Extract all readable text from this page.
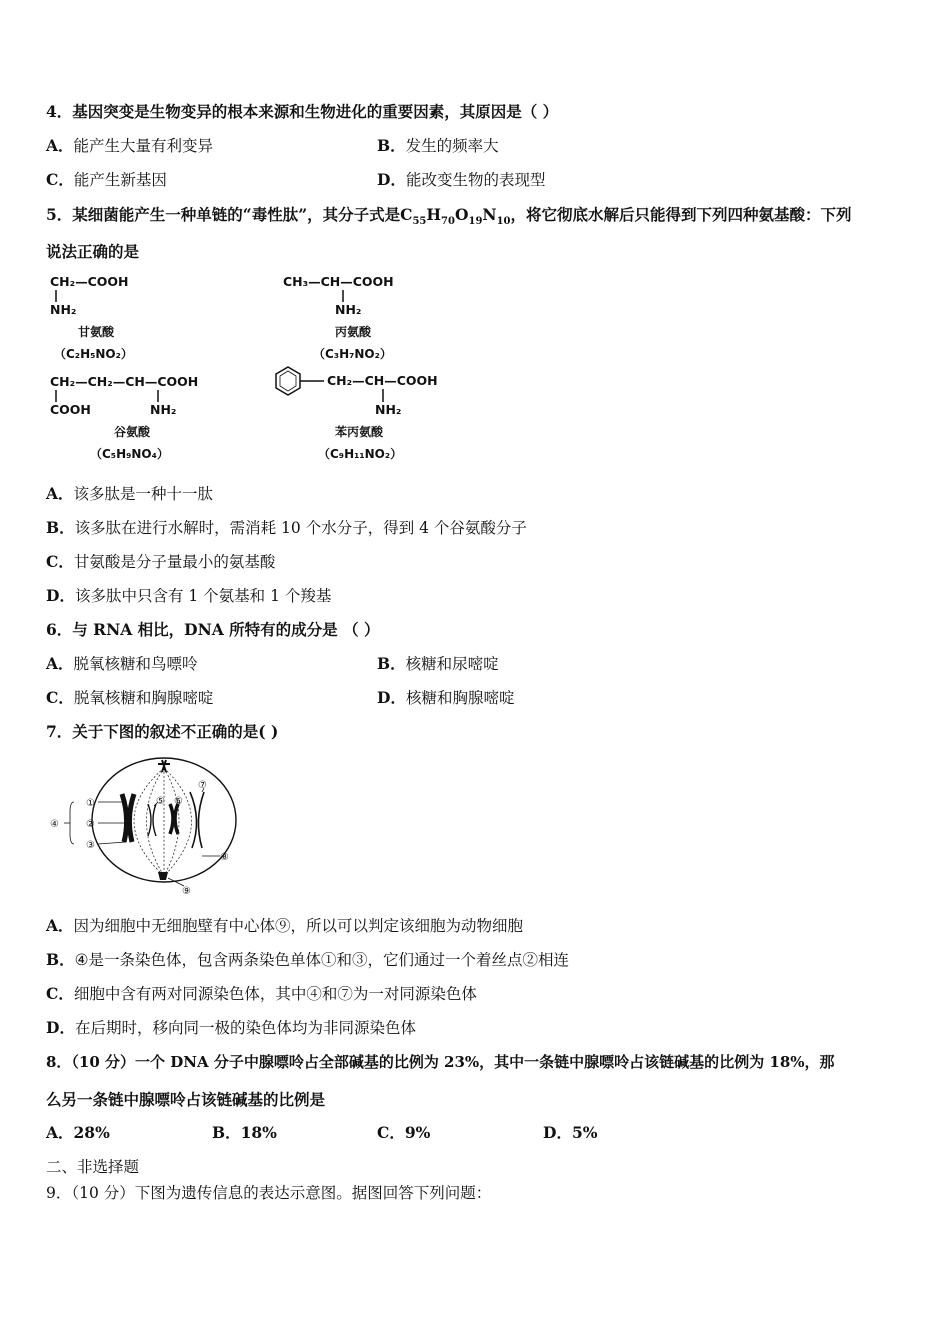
4．基因突变是生物变异的根本来源和生物进化的重要因素，其原因是（ ）
A．能产生大量有利变异	B．发生的频率大
C．能产生新基因	D．能改变生物的表现型
5．某细菌能产生一种单链的“毒性肽”，其分子式是$C_{55}H_{70}O_{19}N_{10}$，将它彻底水解后只能得到下列四种氨基酸：下列
说法正确的是
CH₂—COOH
NH₂
甘氨酸
（C₂H₅NO₂）
CH₃—CH—COOH
NH₂
丙氨酸
（C₃H₇NO₂）
CH₂—CH₂—CH—COOH
COOH	NH₂
谷氨酸
（C₅H₉NO₄）
CH₂—CH—COOH
NH₂
苯丙氨酸
（C₉H₁₁NO₂）
A．该多肽是一种十一肽
B．该多肽在进行水解时，需消耗 10 个水分子，得到 4 个谷氨酸分子
C．甘氨酸是分子量最小的氨基酸
D．该多肽中只含有 1 个氨基和 1 个羧基
6．与 RNA 相比，DNA 所特有的成分是 （ ）
A．脱氧核糖和鸟嘌呤	B．核糖和尿嘧啶
C．脱氧核糖和胸腺嘧啶	D．核糖和胸腺嘧啶
7．关于下图的叙述不正确的是( )
①
②
③
④
⑤ ⑥
⑦
⑧
⑨
A．因为细胞中无细胞壁有中心体⑨，所以可以判定该细胞为动物细胞
B．④是一条染色体，包含两条染色单体①和③，它们通过一个着丝点②相连
C．细胞中含有两对同源染色体，其中④和⑦为一对同源染色体
D．在后期时，移向同一极的染色体均为非同源染色体
8．（10 分）一个 DNA 分子中腺嘌呤占全部碱基的比例为 23%，其中一条链中腺嘌呤占该链碱基的比例为 18%，那
么另一条链中腺嘌呤占该链碱基的比例是
A．28%	B．18%	C．9%	D．5%
二、非选择题
9．（10 分）下图为遗传信息的表达示意图。据图回答下列问题：
